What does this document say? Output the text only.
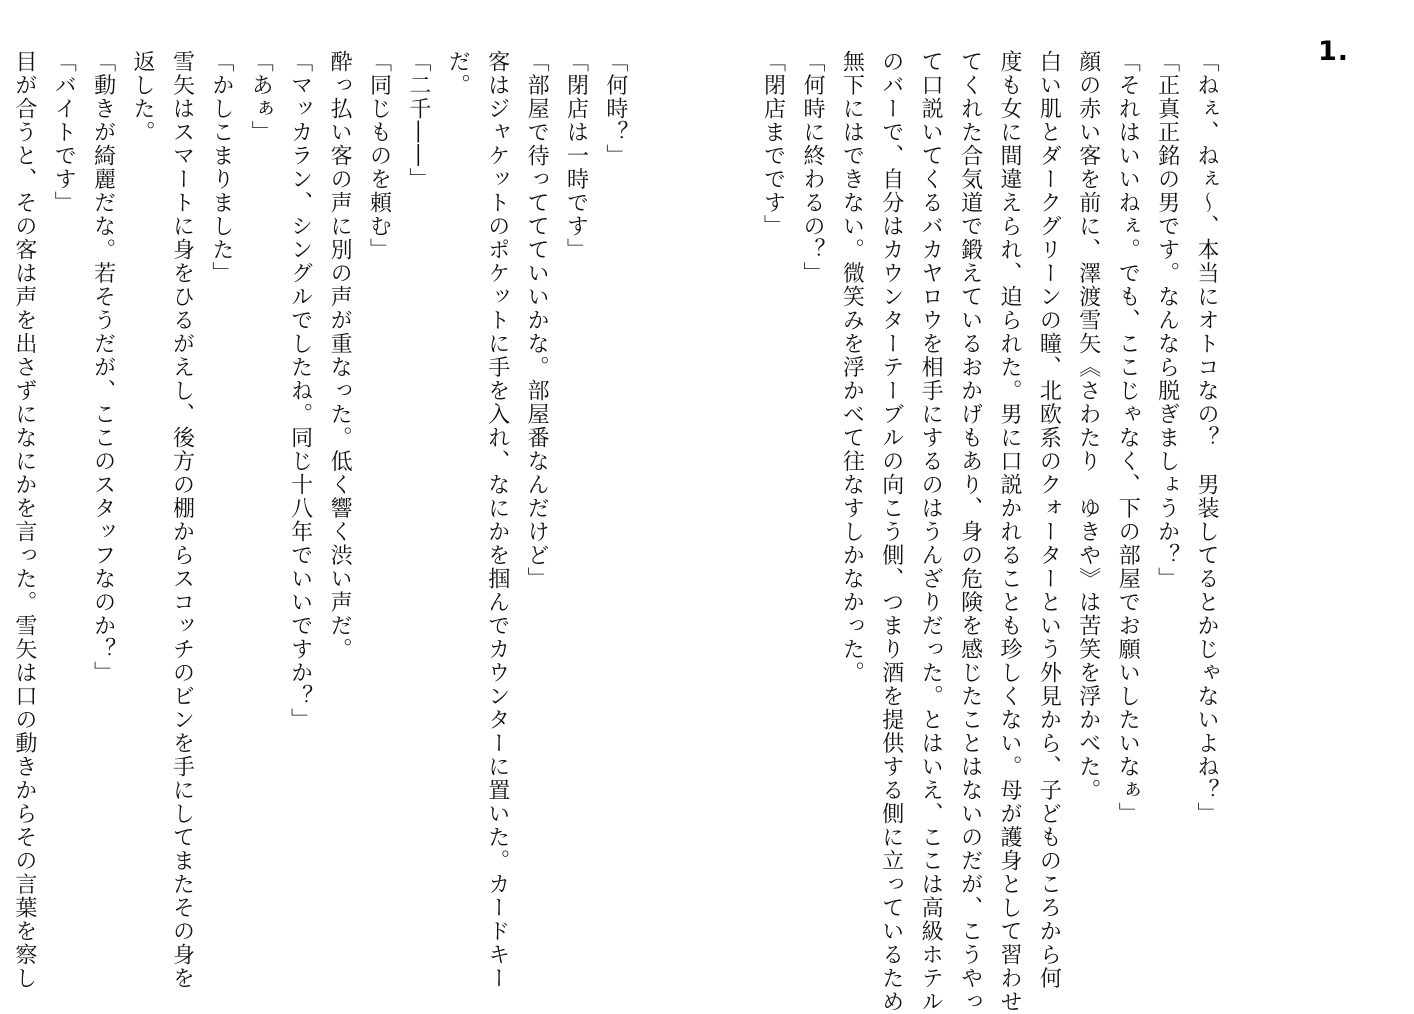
1.
「ねぇ、ねぇ～、本当にオトコなの？　男装してるとかじゃないよね？」
「正真正銘の男です。なんなら脱ぎましょうか？」
「それはいいねぇ。でも、ここじゃなく、下の部屋でお願いしたいなぁ」
顔の赤い客を前に、澤渡雪矢《さわたり　ゆきや》は苦笑を浮かべた。
白い肌とダークグリーンの瞳、北欧系のクォーターという外見から、子どものころから何
度も女に間違えられ、迫られた。男に口説かれることも珍しくない。母が護身として習わせ
てくれた合気道で鍛えているおかげもあり、身の危険を感じたことはないのだが、こうやっ
て口説いてくるバカヤロウを相手にするのはうんざりだった。とはいえ、ここは高級ホテル
のバーで、自分はカウンターテーブルの向こう側、つまり酒を提供する側に立っているため
無下にはできない。微笑みを浮かべて往なすしかなかった。
「何時に終わるの？」
「閉店までです」
「何時？」
「閉店は一時です」
「部屋で待っててていいかな。部屋番なんだけど」
客はジャケットのポケットに手を入れ、なにかを掴んでカウンターに置いた。カードキー
だ。
「二千――」
「同じものを頼む」
酔っ払い客の声に別の声が重なった。低く響く渋い声だ。
「マッカラン、シングルでしたね。同じ十八年でいいですか？」
「あぁ」
「かしこまりました」
雪矢はスマートに身をひるがえし、後方の棚からスコッチのビンを手にしてまたその身を
返した。
「動きが綺麗だな。若そうだが、ここのスタッフなのか？」
「バイトです」
目が合うと、その客は声を出さずになにかを言った。雪矢は口の動きからその言葉を察し
